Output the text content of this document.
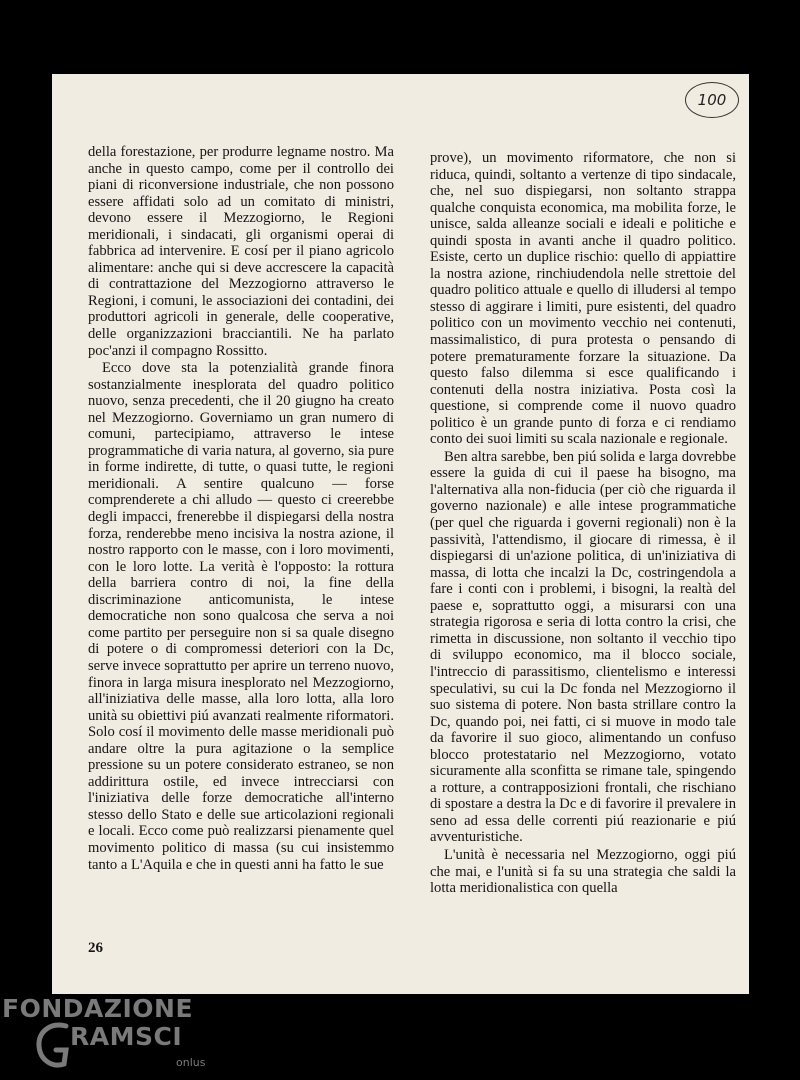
100

della forestazione, per produrre legname nostro. Ma anche in questo campo, come per il controllo dei piani di riconversione industriale, che non possono essere affidati solo ad un comitato di ministri, devono essere il Mezzogiorno, le Regioni meridionali, i sindacati, gli organismi operai di fabbrica ad intervenire. E cosí per il piano agricolo alimentare: anche qui si deve accrescere la capacità di contrattazione del Mezzogiorno attraverso le Regioni, i comuni, le associazioni dei contadini, dei produttori agricoli in generale, delle cooperative, delle organizzazioni bracciantili. Ne ha parlato poc'anzi il compagno Rossitto.

Ecco dove sta la potenzialità grande finora sostanzialmente inesplorata del quadro politico nuovo, senza precedenti, che il 20 giugno ha creato nel Mezzogiorno. Governiamo un gran numero di comuni, partecipiamo, attraverso le intese programmatiche di varia natura, al governo, sia pure in forme indirette, di tutte, o quasi tutte, le regioni meridionali. A sentire qualcuno — forse comprenderete a chi alludo — questo ci creerebbe degli impacci, frenerebbe il dispiegarsi della nostra forza, renderebbe meno incisiva la nostra azione, il nostro rapporto con le masse, con i loro movimenti, con le loro lotte. La verità è l'opposto: la rottura della barriera contro di noi, la fine della discriminazione anticomunista, le intese democratiche non sono qualcosa che serva a noi come partito per perseguire non si sa quale disegno di potere o di compromessi deteriori con la Dc, serve invece soprattutto per aprire un terreno nuovo, finora in larga misura inesplorato nel Mezzogiorno, all'iniziativa delle masse, alla loro lotta, alla loro unità su obiettivi piú avanzati realmente riformatori. Solo cosí il movimento delle masse meridionali può andare oltre la pura agitazione o la semplice pressione su un potere considerato estraneo, se non addirittura ostile, ed invece intrecciarsi con l'iniziativa delle forze democratiche all'interno stesso dello Stato e delle sue articolazioni regionali e locali. Ecco come può realizzarsi pienamente quel movimento politico di massa (su cui insistemmo tanto a L'Aquila e che in questi anni ha fatto le sue

prove), un movimento riformatore, che non si riduca, quindi, soltanto a vertenze di tipo sindacale, che, nel suo dispiegarsi, non soltanto strappa qualche conquista economica, ma mobilita forze, le unisce, salda alleanze sociali e ideali e politiche e quindi sposta in avanti anche il quadro politico. Esiste, certo un duplice rischio: quello di appiattire la nostra azione, rinchiudendola nelle strettoie del quadro politico attuale e quello di illudersi al tempo stesso di aggirare i limiti, pure esistenti, del quadro politico con un movimento vecchio nei contenuti, massimalistico, di pura protesta o pensando di potere prematuramente forzare la situazione. Da questo falso dilemma si esce qualificando i contenuti della nostra iniziativa. Posta così la questione, si comprende come il nuovo quadro politico è un grande punto di forza e ci rendiamo conto dei suoi limiti su scala nazionale e regionale.

Ben altra sarebbe, ben piú solida e larga dovrebbe essere la guida di cui il paese ha bisogno, ma l'alternativa alla non-fiducia (per ciò che riguarda il governo nazionale) e alle intese programmatiche (per quel che riguarda i governi regionali) non è la passività, l'attendismo, il giocare di rimessa, è il dispiegarsi di un'azione politica, di un'iniziativa di massa, di lotta che incalzi la Dc, costringendola a fare i conti con i problemi, i bisogni, la realtà del paese e, soprattutto oggi, a misurarsi con una strategia rigorosa e seria di lotta contro la crisi, che rimetta in discussione, non soltanto il vecchio tipo di sviluppo economico, ma il blocco sociale, l'intreccio di parassitismo, clientelismo e interessi speculativi, su cui la Dc fonda nel Mezzogiorno il suo sistema di potere. Non basta strillare contro la Dc, quando poi, nei fatti, ci si muove in modo tale da favorire il suo gioco, alimentando un confuso blocco protestatario nel Mezzogiorno, votato sicuramente alla sconfitta se rimane tale, spingendo a rotture, a contrapposizioni frontali, che rischiano di spostare a destra la Dc e di favorire il prevalere in seno ad essa delle correnti piú reazionarie e piú avventuristiche.

L'unità è necessaria nel Mezzogiorno, oggi piú che mai, e l'unità si fa su una strategia che saldi la lotta meridionalistica con quella

26
FONDAZIONE
RAMSCI
onlus
